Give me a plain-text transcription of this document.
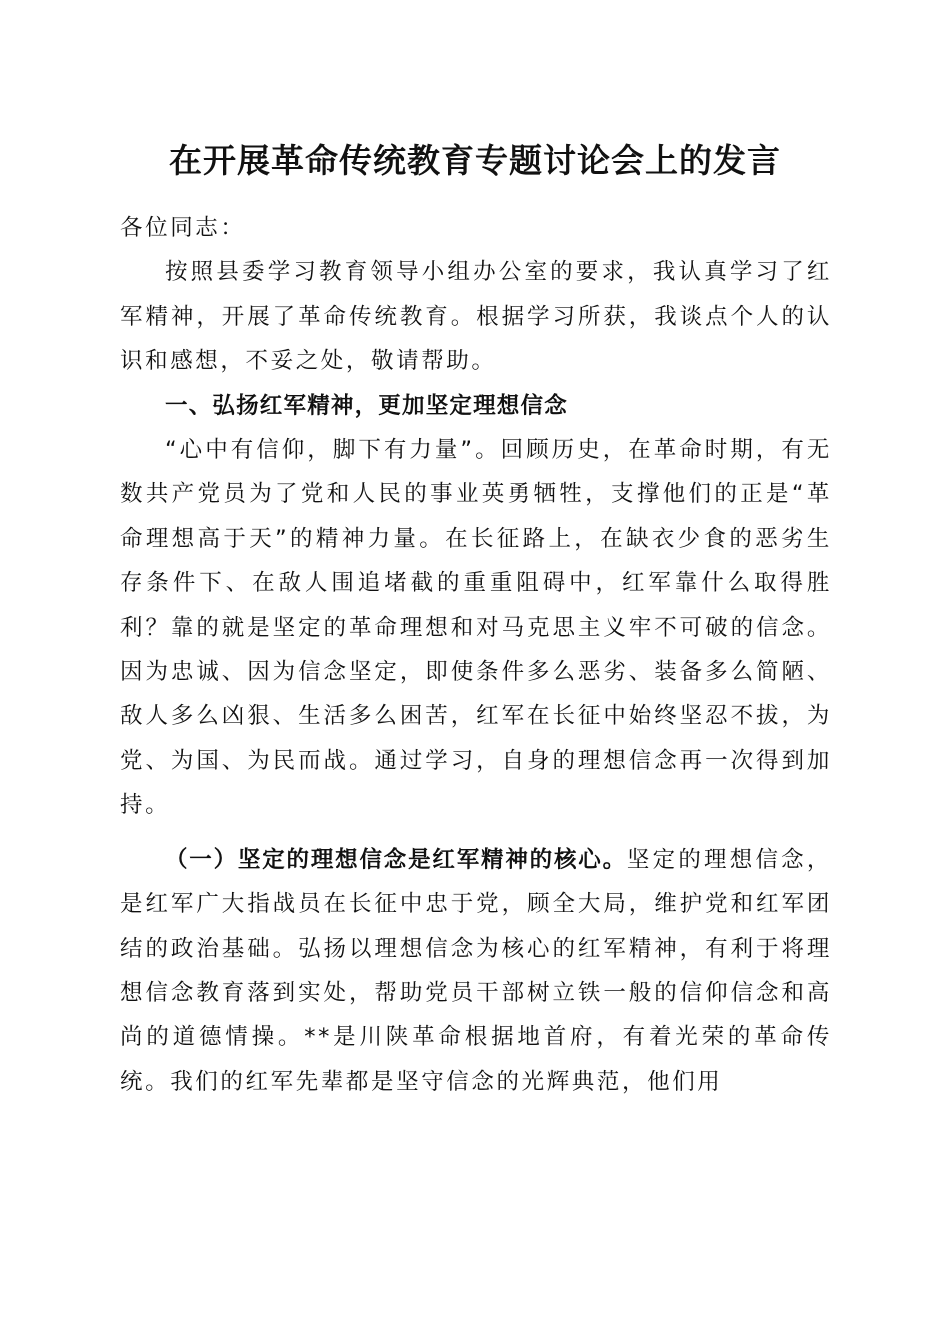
在开展革命传统教育专题讨论会上的发言

各位同志：

按照县委学习教育领导小组办公室的要求，我认真学习了红军精神，开展了革命传统教育。根据学习所获，我谈点个人的认识和感想，不妥之处，敬请帮助。

一、弘扬红军精神，更加坚定理想信念

“心中有信仰，脚下有力量”。回顾历史，在革命时期，有无数共产党员为了党和人民的事业英勇牺牲，支撑他们的正是“革命理想高于天”的精神力量。在长征路上，在缺衣少食的恶劣生存条件下、在敌人围追堵截的重重阻碍中，红军靠什么取得胜利？靠的就是坚定的革命理想和对马克思主义牢不可破的信念。因为忠诚、因为信念坚定，即使条件多么恶劣、装备多么简陋、敌人多么凶狠、生活多么困苦，红军在长征中始终坚忍不拔，为党、为国、为民而战。通过学习，自身的理想信念再一次得到加持。

（一）坚定的理想信念是红军精神的核心。坚定的理想信念，是红军广大指战员在长征中忠于党，顾全大局，维护党和红军团结的政治基础。弘扬以理想信念为核心的红军精神，有利于将理想信念教育落到实处，帮助党员干部树立铁一般的信仰信念和高尚的道德情操。**是川陕革命根据地首府，有着光荣的革命传统。我们的红军先辈都是坚守信念的光辉典范，他们用
